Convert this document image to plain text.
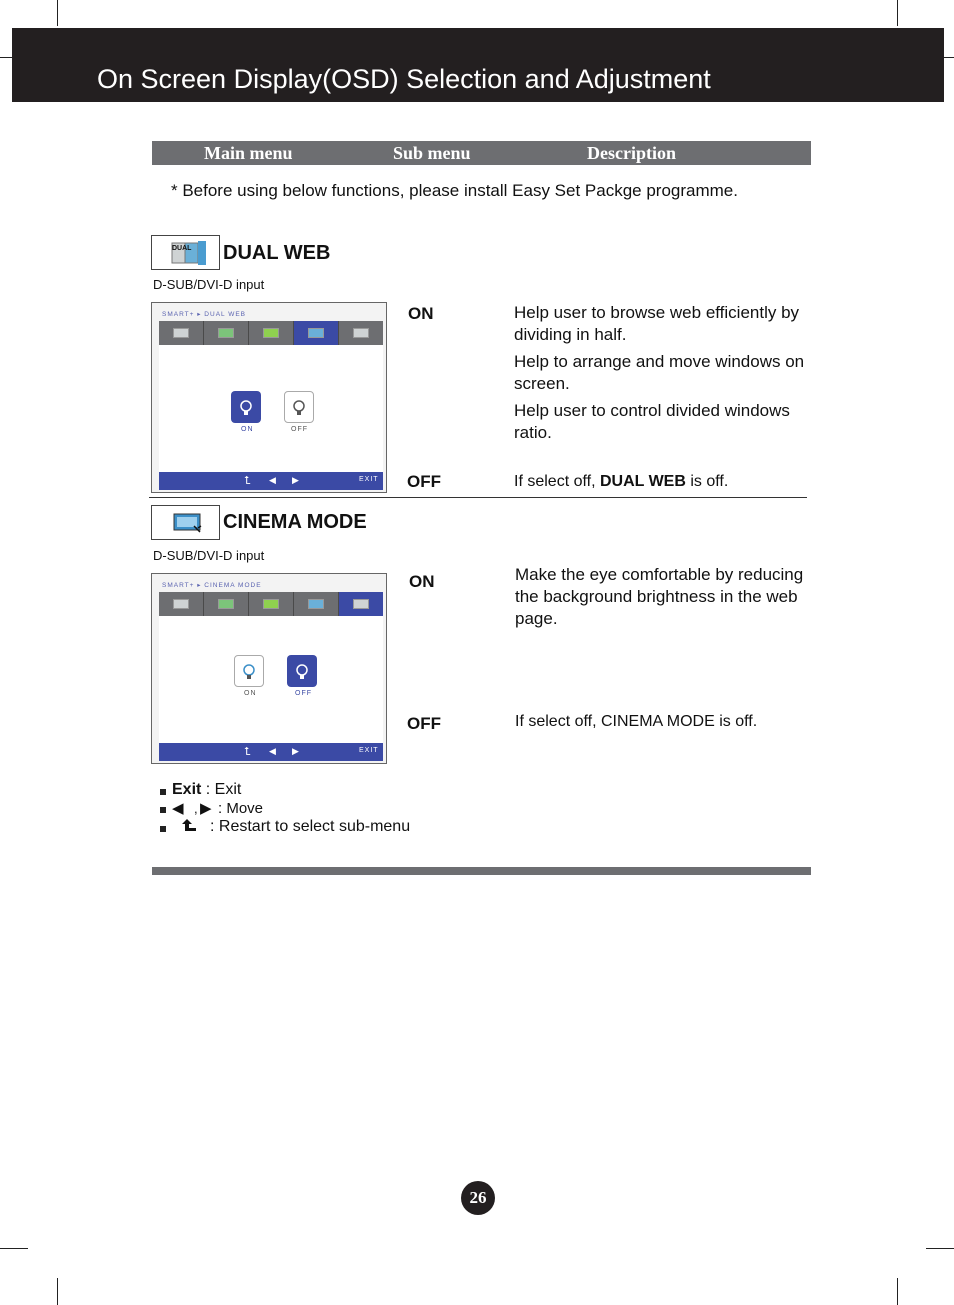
On Screen Display(OSD) Selection and Adjustment
Main menu	Sub menu	Description
* Before using below functions, please install Easy Set Packge programme.
DUAL DUAL WEB
D-SUB/DVI-D input
SMART+ ▸ DUAL WEB
ON	OFF
⮤ ◀ ▶	EXIT
ON	Help user to browse web efficiently by dividing in half.

Help to arrange and move windows on screen.

Help user to control divided windows ratio.

OFF	If select off, DUAL WEB is off.
CINEMA MODE
D-SUB/DVI-D input
SMART+ ▸ CINEMA MODE
ON	OFF
⮤ ◀ ▶	EXIT
ON	Make the eye comfortable by reducing the background brightness in the web page.
OFF	If select off, CINEMA MODE is off.
Exit : Exit
◀ , ▶ : Move
: Restart to select sub-menu
26
